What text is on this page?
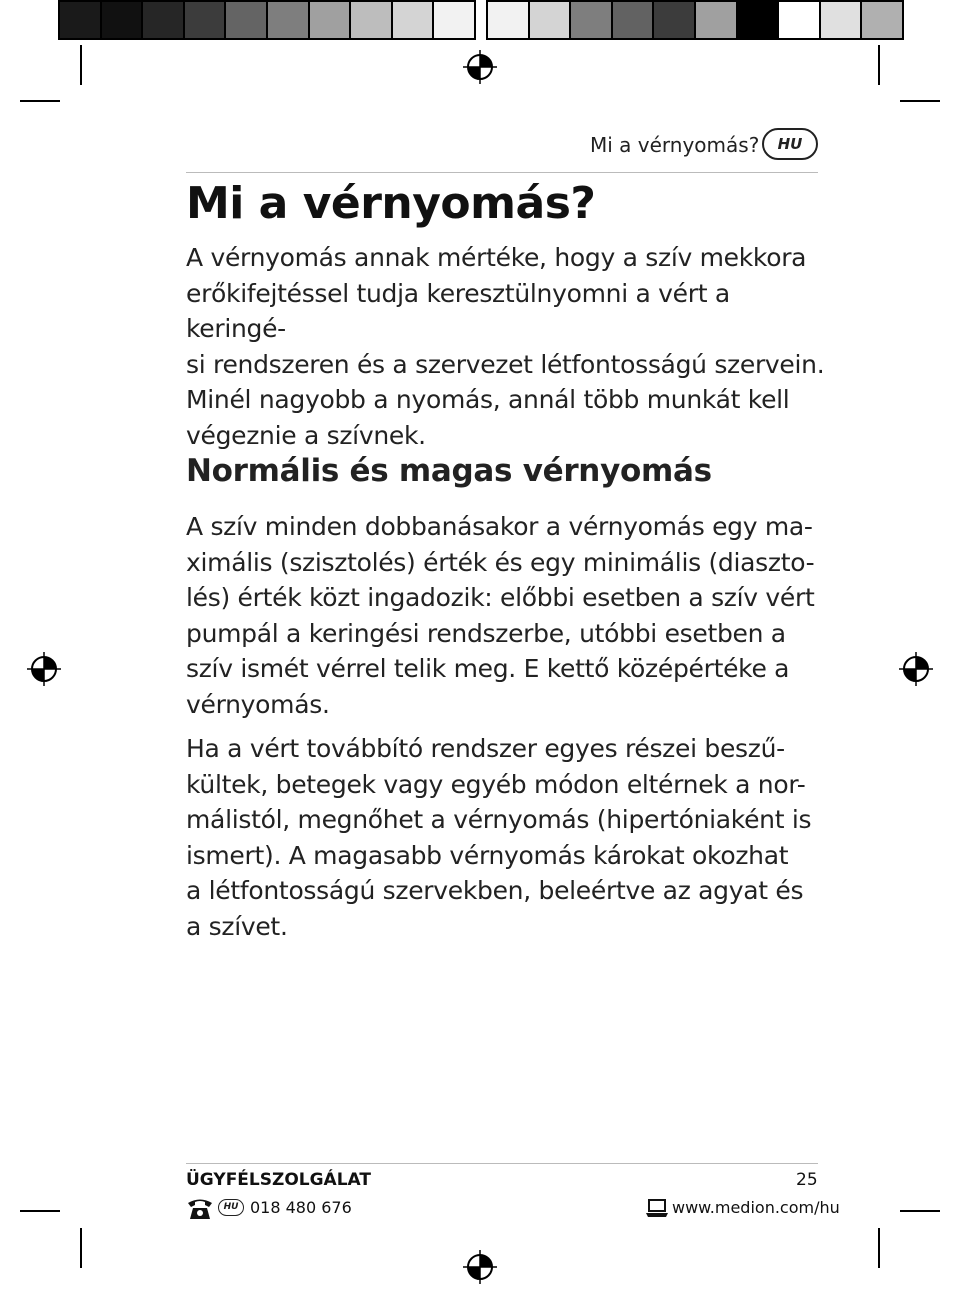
Mi a vérnyomás?	HU
Mi a vérnyomás?

A vérnyomás annak mértéke, hogy a szív mekkora
erőkifejtéssel tudja keresztülnyomni a vért a keringé-
si rendszeren és a szervezet létfontosságú szervein.
Minél nagyobb a nyomás, annál több munkát kell
végeznie a szívnek.

Normális és magas vérnyomás

A szív minden dobbanásakor a vérnyomás egy ma-
ximális (szisztolés) érték és egy minimális (diaszto-
lés) érték közt ingadozik: előbbi esetben a szív vért
pumpál a keringési rendszerbe, utóbbi esetben a
szív ismét vérrel telik meg. E kettő középértéke a
vérnyomás.

Ha a vért továbbító rendszer egyes részei beszű-
kültek, betegek vagy egyéb módon eltérnek a nor-
málistól, megnőhet a vérnyomás (hipertóniaként is
ismert). A magasabb vérnyomás károkat okozhat
a létfontosságú szervekben, beleértve az agyat és
a szívet.

ÜGYFÉLSZOLGÁLAT	25
HU 018 480 676	www.medion.com/hu
